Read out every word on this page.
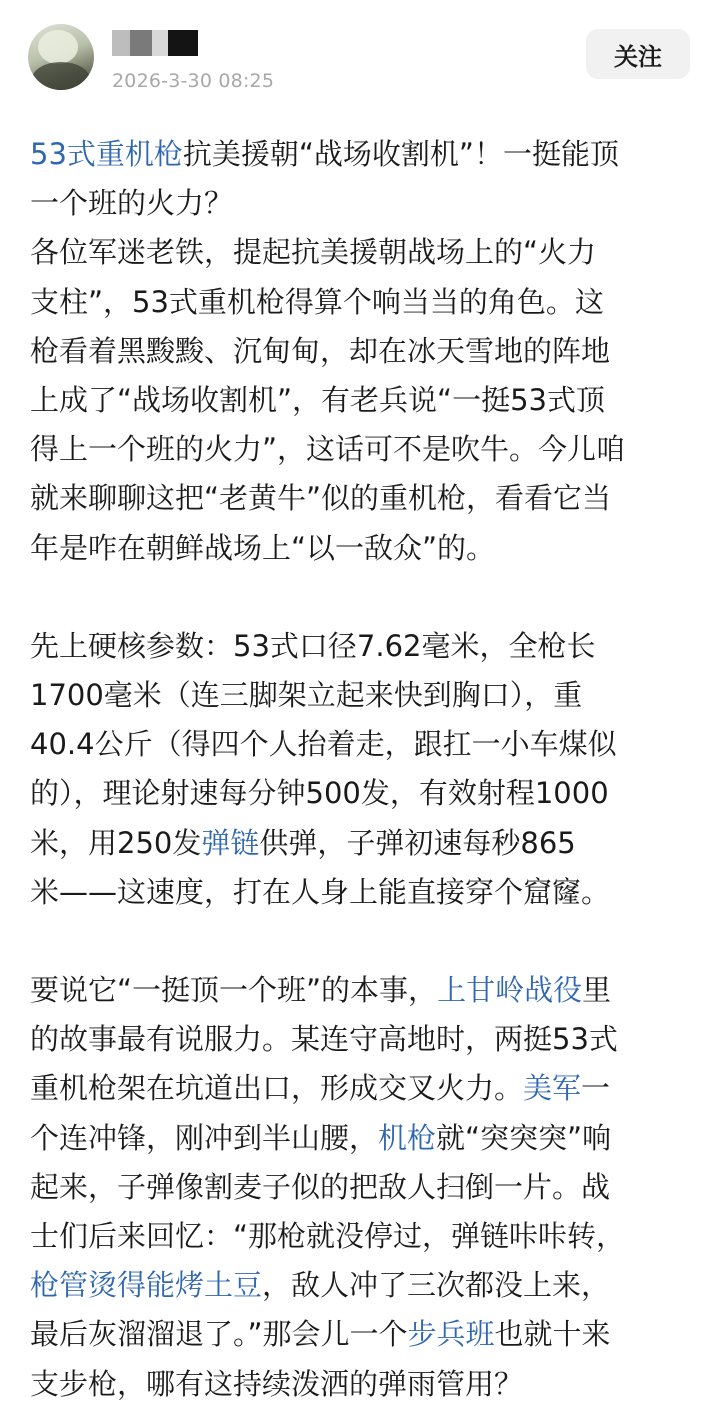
2026-3-30 08:25
关注

53式重机枪抗美援朝“战场收割机”！一挺能顶
一个班的火力？
各位军迷老铁，提起抗美援朝战场上的“火力
支柱”，53式重机枪得算个响当当的角色。这
枪看着黑黢黢、沉甸甸，却在冰天雪地的阵地
上成了“战场收割机”，有老兵说“一挺53式顶
得上一个班的火力”，这话可不是吹牛。今儿咱
就来聊聊这把“老黄牛”似的重机枪，看看它当
年是咋在朝鲜战场上“以一敌众”的。

先上硬核参数：53式口径7.62毫米，全枪长
1700毫米（连三脚架立起来快到胸口），重
40.4公斤（得四个人抬着走，跟扛一小车煤似
的），理论射速每分钟500发，有效射程1000
米，用250发弹链供弹，子弹初速每秒865
米——这速度，打在人身上能直接穿个窟窿。

要说它“一挺顶一个班”的本事，上甘岭战役里
的故事最有说服力。某连守高地时，两挺53式
重机枪架在坑道出口，形成交叉火力。美军一
个连冲锋，刚冲到半山腰，机枪就“突突突”响
起来，子弹像割麦子似的把敌人扫倒一片。战
士们后来回忆：“那枪就没停过，弹链咔咔转，
枪管烫得能烤土豆，敌人冲了三次都没上来，
最后灰溜溜退了。”那会儿一个步兵班也就十来
支步枪，哪有这持续泼洒的弹雨管用？
